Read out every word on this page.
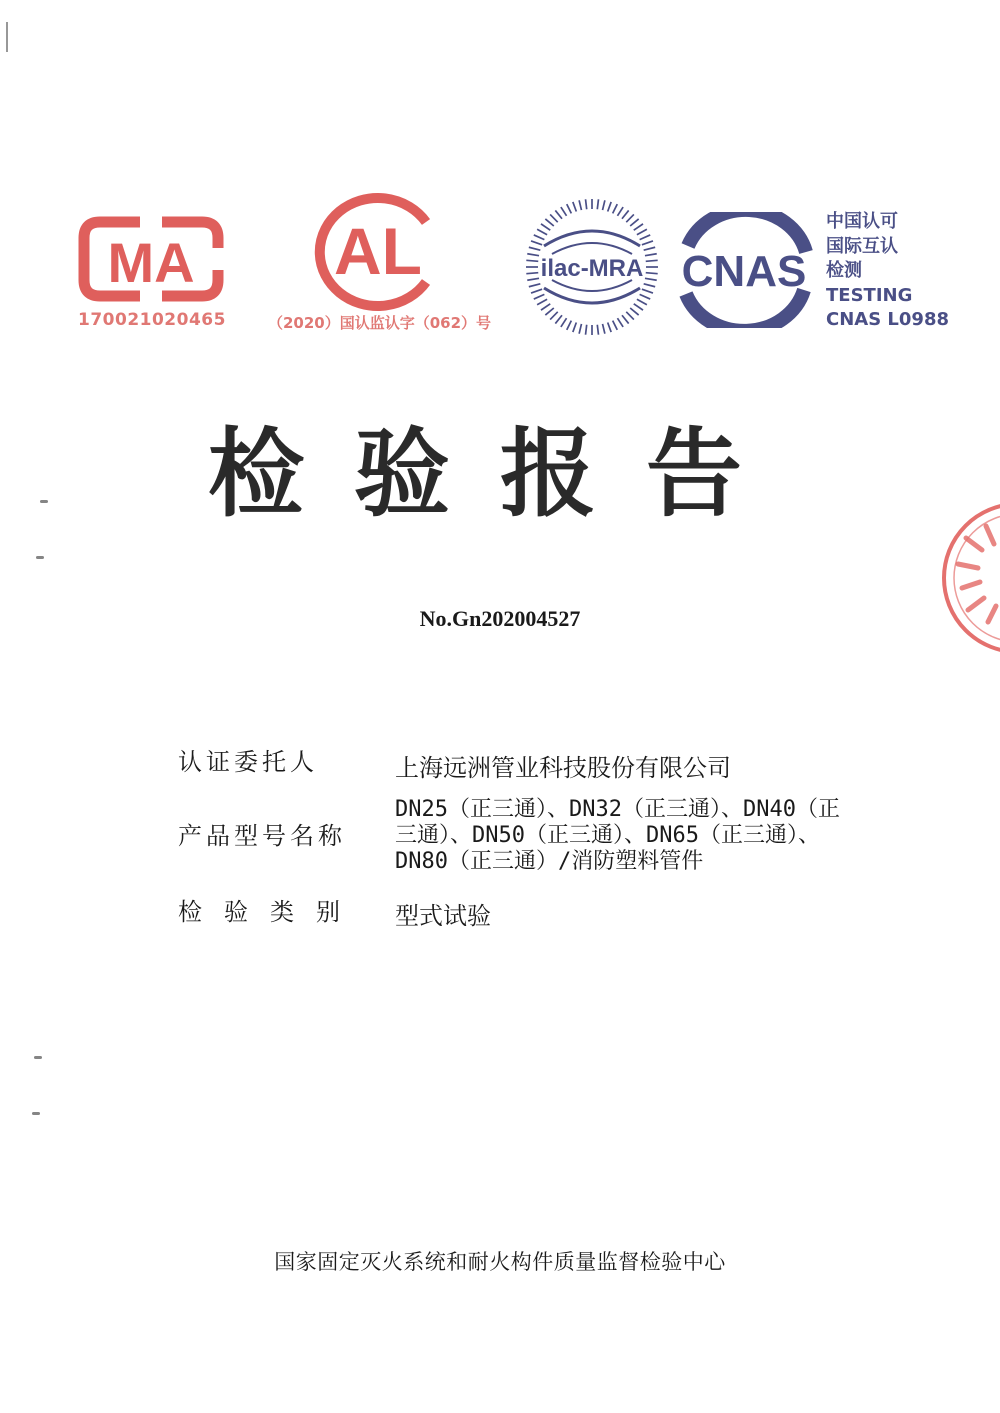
MA
170021020465
AL
（2020）国认监认字（062）号
ilac-MRA CNAS
中国认可
国际互认
检测
TESTING
CNAS L0988
检验报告
No.Gn202004527
认证委托人	上海远洲管业科技股份有限公司
产品型号名称
DN25（正三通）、DN32（正三通）、DN40（正
三通）、DN50（正三通）、DN65（正三通）、
DN80（正三通）/消防塑料管件
检验类别 型式试验
国家固定灭火系统和耐火构件质量监督检验中心
